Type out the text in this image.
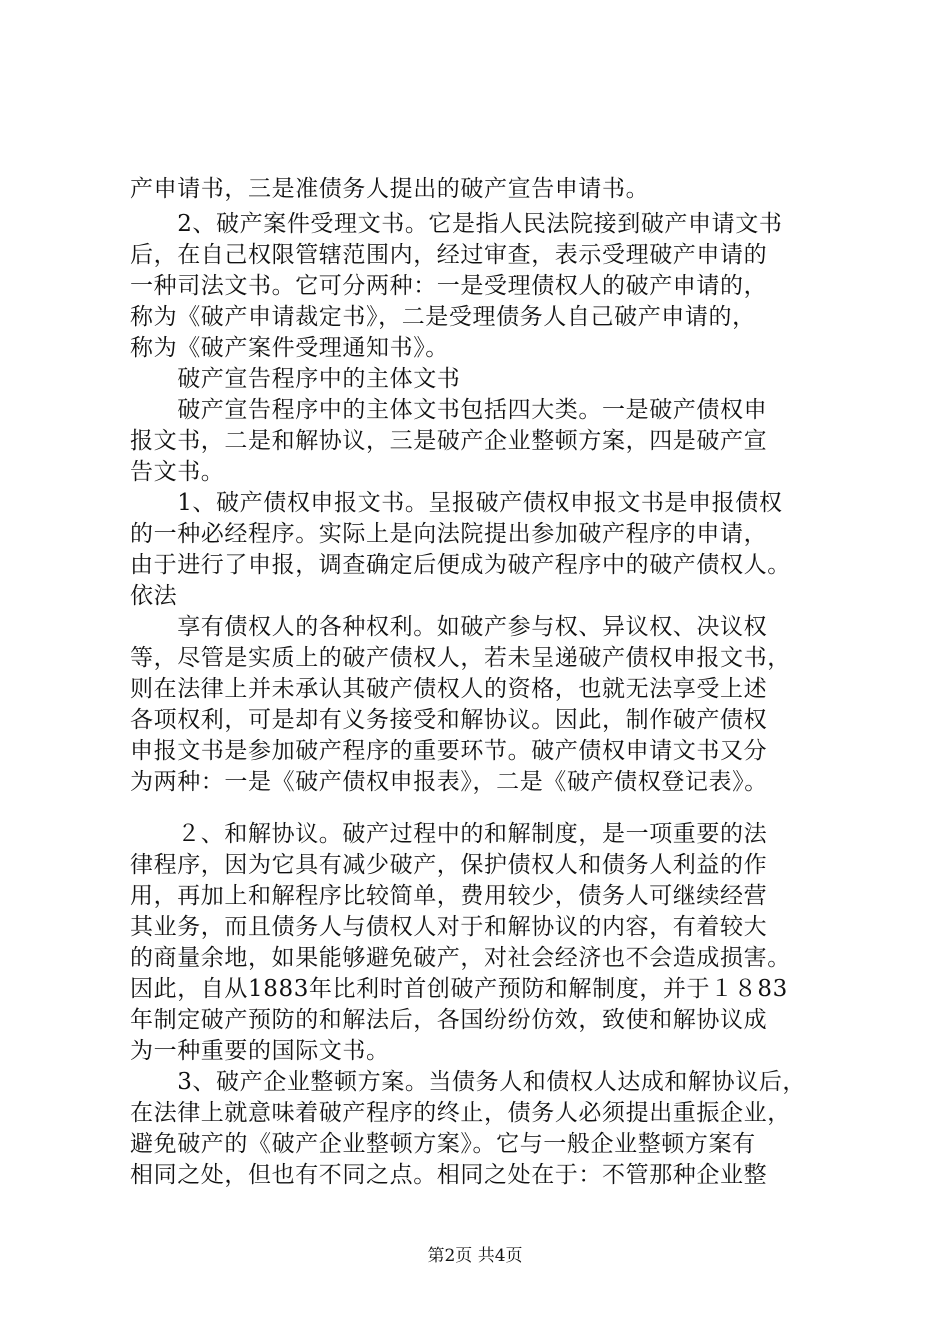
产申请书，三是准债务人提出的破产宣告申请书。
　　2、破产案件受理文书。它是指人民法院接到破产申请文书
后，在自己权限管辖范围内，经过审查，表示受理破产申请的
一种司法文书。它可分两种：一是受理债权人的破产申请的，
称为《破产申请裁定书》，二是受理债务人自己破产申请的，
称为《破产案件受理通知书》。
　　破产宣告程序中的主体文书
　　破产宣告程序中的主体文书包括四大类。一是破产债权申
报文书，二是和解协议，三是破产企业整顿方案，四是破产宣
告文书。
　　1、破产债权申报文书。呈报破产债权申报文书是申报债权
的一种必经程序。实际上是向法院提出参加破产程序的申请，
由于进行了申报，调查确定后便成为破产程序中的破产债权人。
依法
　　享有债权人的各种权利。如破产参与权、异议权、决议权
等，尽管是实质上的破产债权人，若未呈递破产债权申报文书，
则在法律上并未承认其破产债权人的资格，也就无法享受上述
各项权利，可是却有义务接受和解协议。因此，制作破产债权
申报文书是参加破产程序的重要环节。破产债权申请文书又分
为两种：一是《破产债权申报表》，二是《破产债权登记表》。
　　２、和解协议。破产过程中的和解制度，是一项重要的法
律程序，因为它具有减少破产，保护债权人和债务人利益的作
用，再加上和解程序比较简单，费用较少，债务人可继续经营
其业务，而且债务人与债权人对于和解协议的内容，有着较大
的商量余地，如果能够避免破产，对社会经济也不会造成损害。
因此，自从1883年比利时首创破产预防和解制度，并于１８83
年制定破产预防的和解法后，各国纷纷仿效，致使和解协议成
为一种重要的国际文书。
　　3、破产企业整顿方案。当债务人和债权人达成和解协议后，
在法律上就意味着破产程序的终止，债务人必须提出重振企业，
避免破产的《破产企业整顿方案》。它与一般企业整顿方案有
相同之处，但也有不同之点。相同之处在于：不管那种企业整
第2页 共4页
